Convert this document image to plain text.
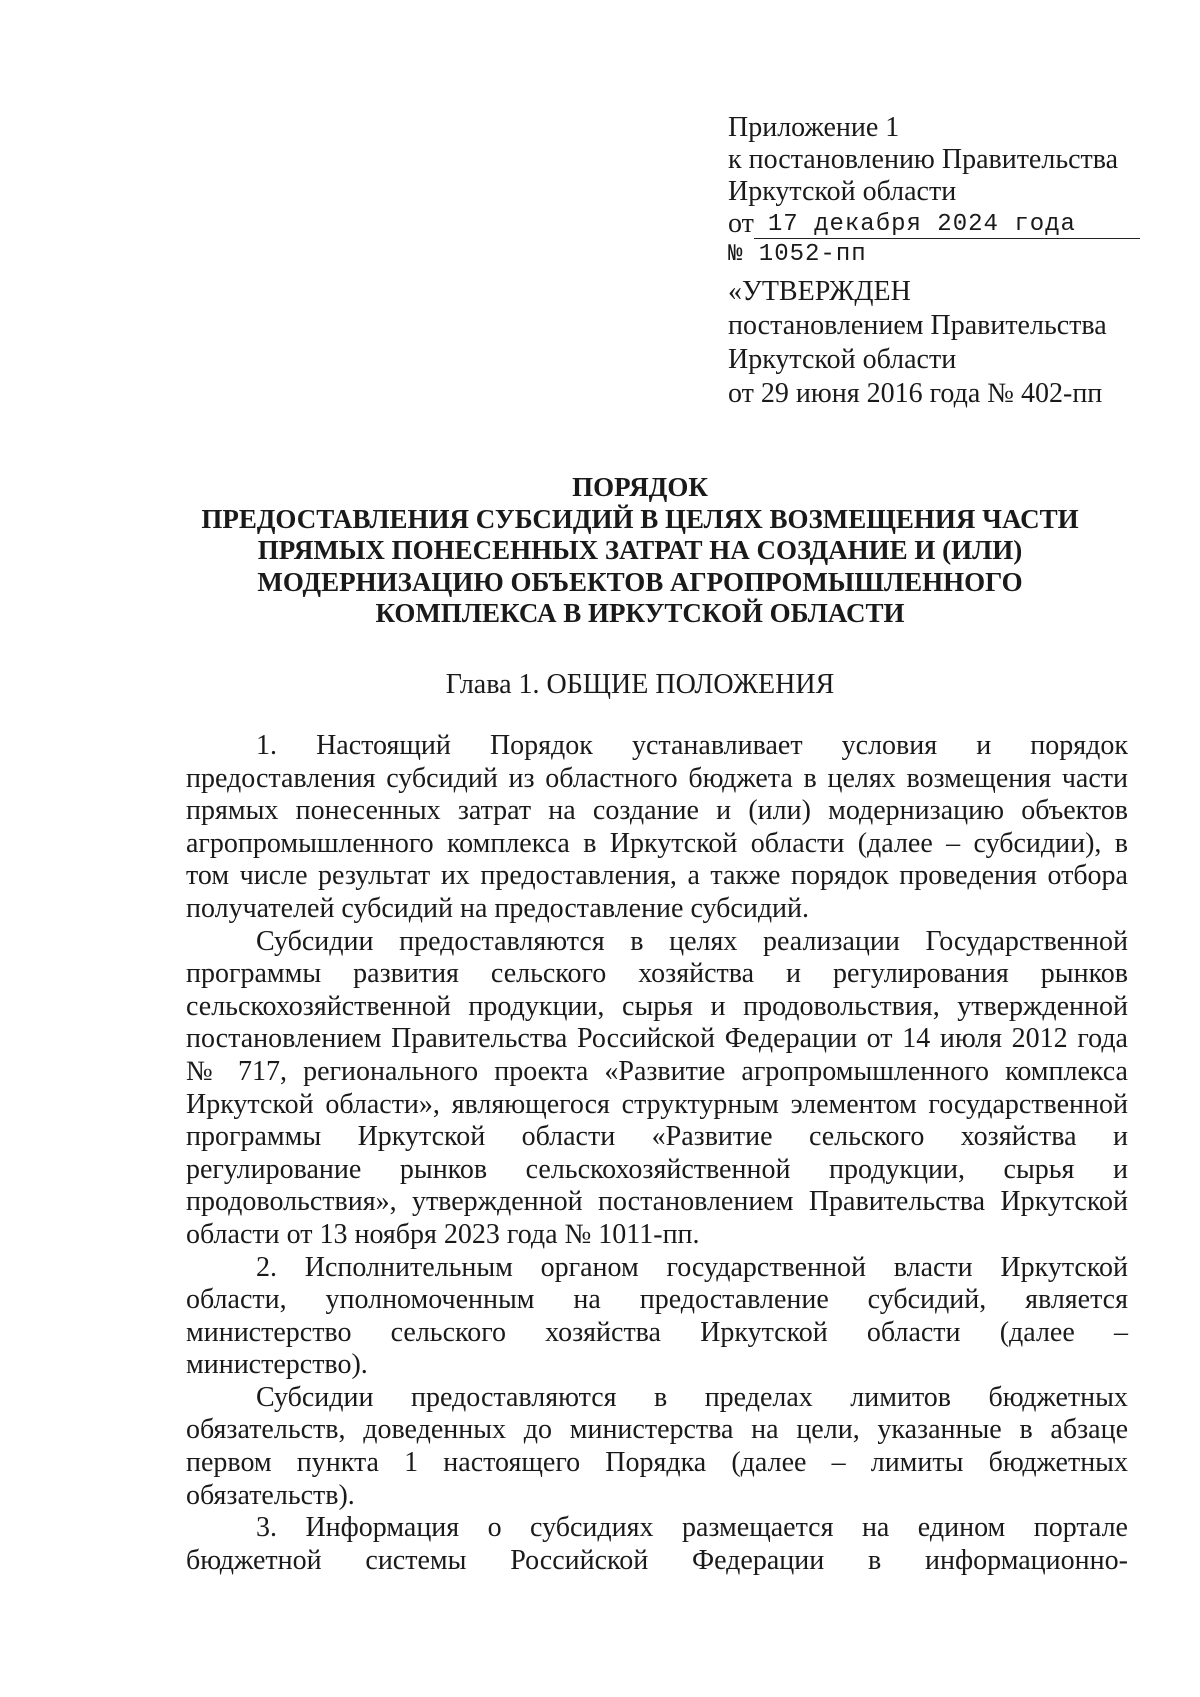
Приложение 1
к постановлению Правительства
Иркутской области
от 17 декабря 2024 года
№ 1052-пп
«УТВЕРЖДЕН
постановлением Правительства
Иркутской области
от 29 июня 2016 года № 402-пп
ПОРЯДОК
ПРЕДОСТАВЛЕНИЯ СУБСИДИЙ В ЦЕЛЯХ ВОЗМЕЩЕНИЯ ЧАСТИ
ПРЯМЫХ ПОНЕСЕННЫХ ЗАТРАТ НА СОЗДАНИЕ И (ИЛИ)
МОДЕРНИЗАЦИЮ ОБЪЕКТОВ АГРОПРОМЫШЛЕННОГО
КОМПЛЕКСА В ИРКУТСКОЙ ОБЛАСТИ
Глава 1. ОБЩИЕ ПОЛОЖЕНИЯ
1. Настоящий Порядок устанавливает условия и порядок
предоставления субсидий из областного бюджета в целях возмещения части
прямых понесенных затрат на создание и (или) модернизацию объектов
агропромышленного комплекса в Иркутской области (далее – субсидии), в
том числе результат их предоставления, а также порядок проведения отбора
получателей субсидий на предоставление субсидий.
Субсидии предоставляются в целях реализации Государственной
программы развития сельского хозяйства и регулирования рынков
сельскохозяйственной продукции, сырья и продовольствия, утвержденной
постановлением Правительства Российской Федерации от 14 июля 2012 года
№ 717, регионального проекта «Развитие агропромышленного комплекса
Иркутской области», являющегося структурным элементом государственной
программы Иркутской области «Развитие сельского хозяйства и
регулирование рынков сельскохозяйственной продукции, сырья и
продовольствия», утвержденной постановлением Правительства Иркутской
области от 13 ноября 2023 года № 1011-пп.
2. Исполнительным органом государственной власти Иркутской
области, уполномоченным на предоставление субсидий, является
министерство сельского хозяйства Иркутской области (далее –
министерство).
Субсидии предоставляются в пределах лимитов бюджетных
обязательств, доведенных до министерства на цели, указанные в абзаце
первом пункта 1 настоящего Порядка (далее – лимиты бюджетных
обязательств).
3. Информация о субсидиях размещается на едином портале
бюджетной системы Российской Федерации в информационно-
